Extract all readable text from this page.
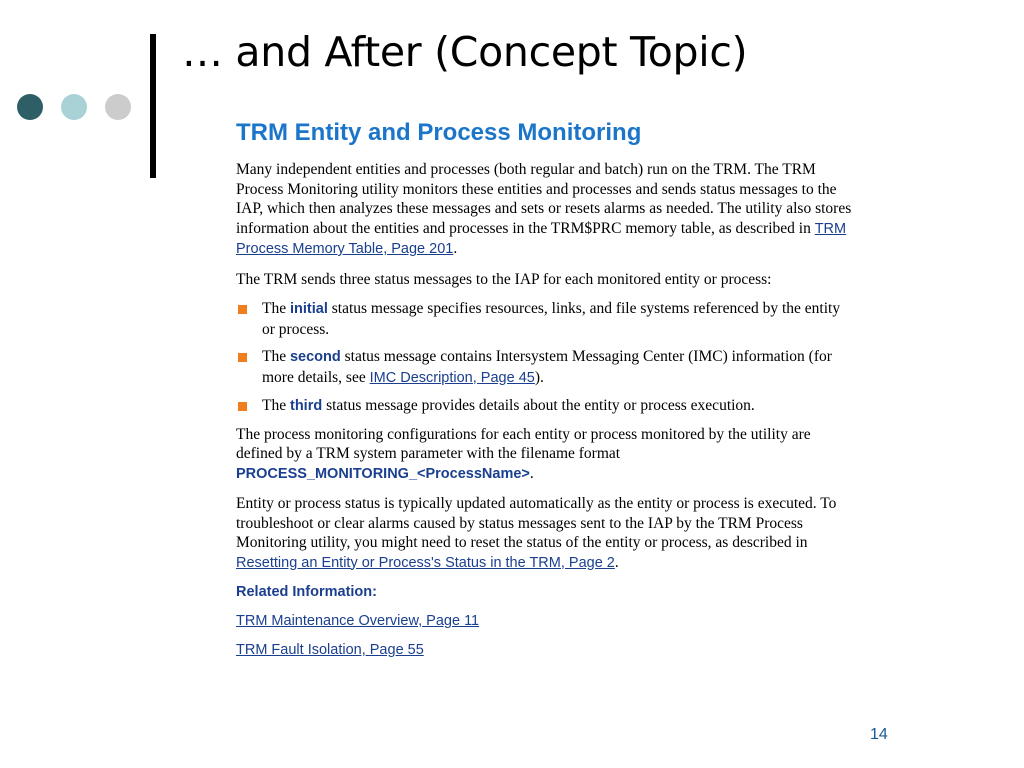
… and After (Concept Topic)
TRM Entity and Process Monitoring

Many independent entities and processes (both regular and batch) run on the TRM. The TRM Process Monitoring utility monitors these entities and processes and sends status messages to the IAP, which then analyzes these messages and sets or resets alarms as needed. The utility also stores information about the entities and processes in the TRM$PRC memory table, as described in TRM Process Memory Table, Page 201.

The TRM sends three status messages to the IAP for each monitored entity or process:

The initial status message specifies resources, links, and file systems referenced by the entity or process.
The second status message contains Intersystem Messaging Center (IMC) information (for more details, see IMC Description, Page 45).
The third status message provides details about the entity or process execution.

The process monitoring configurations for each entity or process monitored by the utility are defined by a TRM system parameter with the filename format PROCESS_MONITORING_<ProcessName>.

Entity or process status is typically updated automatically as the entity or process is executed. To troubleshoot or clear alarms caused by status messages sent to the IAP by the TRM Process Monitoring utility, you might need to reset the status of the entity or process, as described in Resetting an Entity or Process's Status in the TRM, Page 2.

Related Information:
TRM Maintenance Overview, Page 11
TRM Fault Isolation, Page 55
14
